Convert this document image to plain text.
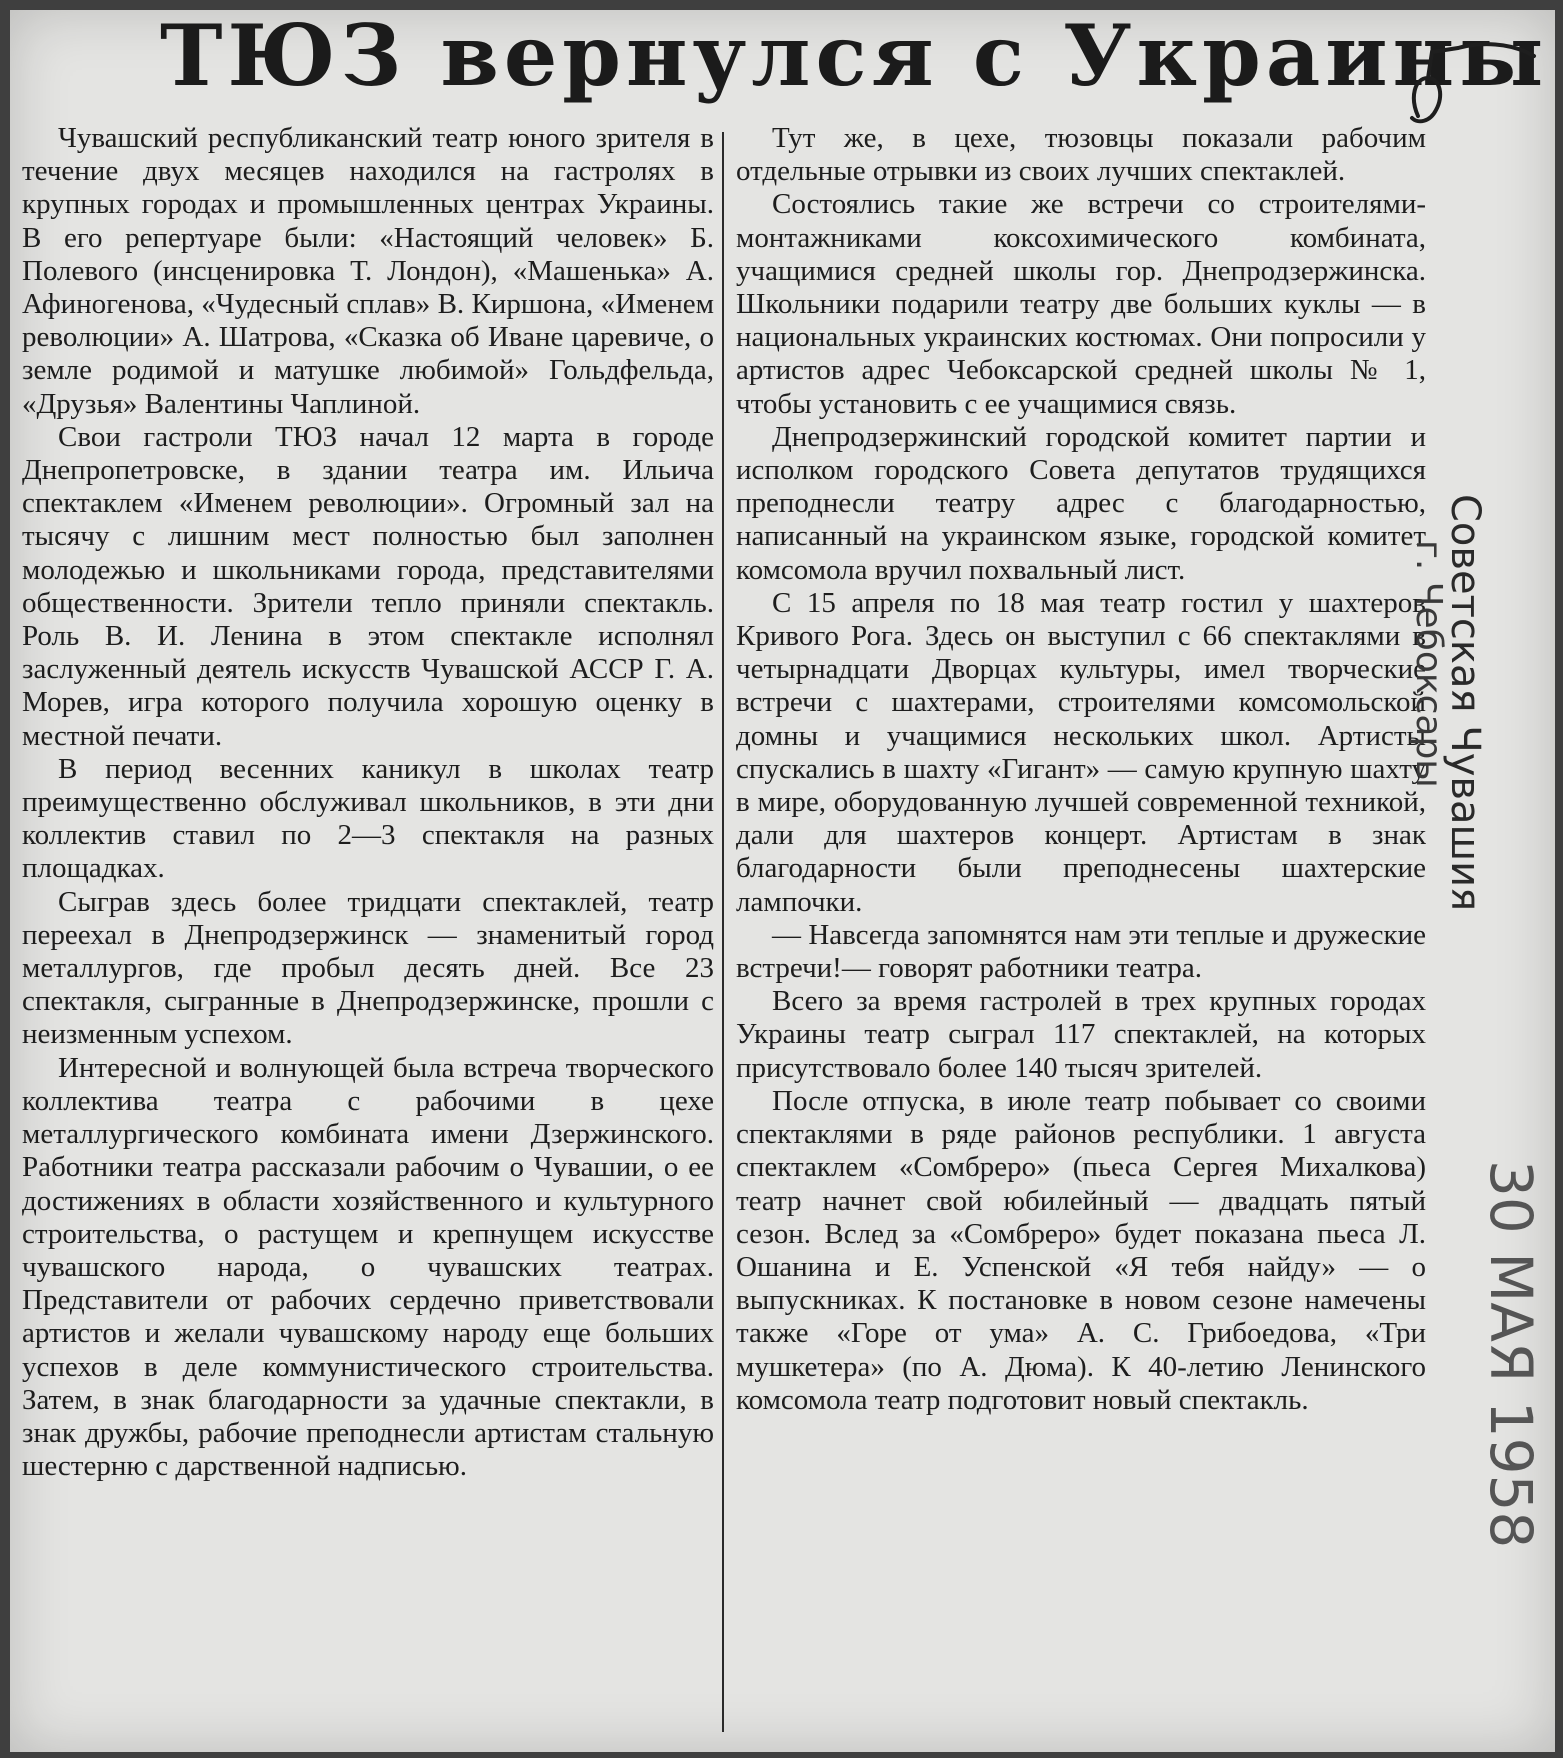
ТЮЗ вернулся с Украины

Чувашский республиканский театр юного зрителя в течение двух месяцев находился на гастролях в крупных городах и промышленных центрах Украины. В его репертуаре были: «Настоящий человек» Б. Полевого (инсценировка Т. Лондон), «Машенька» А. Афиногенова, «Чудесный сплав» В. Киршона, «Именем революции» А. Шатрова, «Сказка об Иване царевиче, о земле родимой и матушке любимой» Гольдфельда, «Друзья» Валентины Чаплиной.

Свои гастроли ТЮЗ начал 12 марта в городе Днепропетровске, в здании театра им. Ильича спектаклем «Именем революции». Огромный зал на тысячу с лишним мест полностью был заполнен молодежью и школьниками города, представителями общественности. Зрители тепло приняли спектакль. Роль В. И. Ленина в этом спектакле исполнял заслуженный деятель искусств Чувашской АССР Г. А. Морев, игра которого получила хорошую оценку в местной печати.

В период весенних каникул в школах театр преимущественно обслуживал школьников, в эти дни коллектив ставил по 2—3 спектакля на разных площадках.

Сыграв здесь более тридцати спектаклей, театр переехал в Днепродзержинск — знаменитый город металлургов, где пробыл десять дней. Все 23 спектакля, сыгранные в Днепродзержинске, прошли с неизменным успехом.

Интересной и волнующей была встреча творческого коллектива театра с рабочими в цехе металлургического комбината имени Дзержинского. Работники театра рассказали рабочим о Чувашии, о ее достижениях в области хозяйственного и культурного строительства, о растущем и крепнущем искусстве чувашского народа, о чувашских театрах. Представители от рабочих сердечно приветствовали артистов и желали чувашскому народу еще больших успехов в деле коммунистического строительства. Затем, в знак благодарности за удачные спектакли, в знак дружбы, рабочие преподнесли артистам стальную шестерню с дарственной надписью.

Тут же, в цехе, тюзовцы показали рабочим отдельные отрывки из своих лучших спектаклей.

Состоялись такие же встречи со строителями-монтажниками коксохимического комбината, учащимися средней школы гор. Днепродзержинска. Школьники подарили театру две больших куклы — в национальных украинских костюмах. Они попросили у артистов адрес Чебоксарской средней школы № 1, чтобы установить с ее учащимися связь.

Днепродзержинский городской комитет партии и исполком городского Совета депутатов трудящихся преподнесли театру адрес с благодарностью, написанный на украинском языке, городской комитет комсомола вручил похвальный лист.

С 15 апреля по 18 мая театр гостил у шахтеров Кривого Рога. Здесь он выступил с 66 спектаклями в четырнадцати Дворцах культуры, имел творческие встречи с шахтерами, строителями комсомольской домны и учащимися нескольких школ. Артисты спускались в шахту «Гигант» — самую крупную шахту в мире, оборудованную лучшей современной техникой, дали для шахтеров концерт. Артистам в знак благодарности были преподнесены шахтерские лампочки.

— Навсегда запомнятся нам эти теплые и дружеские встречи!— говорят работники театра.

Всего за время гастролей в трех крупных городах Украины театр сыграл 117 спектаклей, на которых присутствовало более 140 тысяч зрителей.

После отпуска, в июле театр побывает со своими спектаклями в ряде районов республики. 1 августа спектаклем «Сомбреро» (пьеса Сергея Михалкова) театр начнет свой юбилейный — двадцать пятый сезон. Вслед за «Сомбреро» будет показана пьеса Л. Ошанина и Е. Успенской «Я тебя найду» — о выпускниках. К постановке в новом сезоне намечены также «Горе от ума» А. С. Грибоедова, «Три мушкетера» (по А. Дюма). К 40-летию Ленинского комсомола театр подготовит новый спектакль.

Советская Чувашия
г. Чебоксары
30 МАЯ 1958
